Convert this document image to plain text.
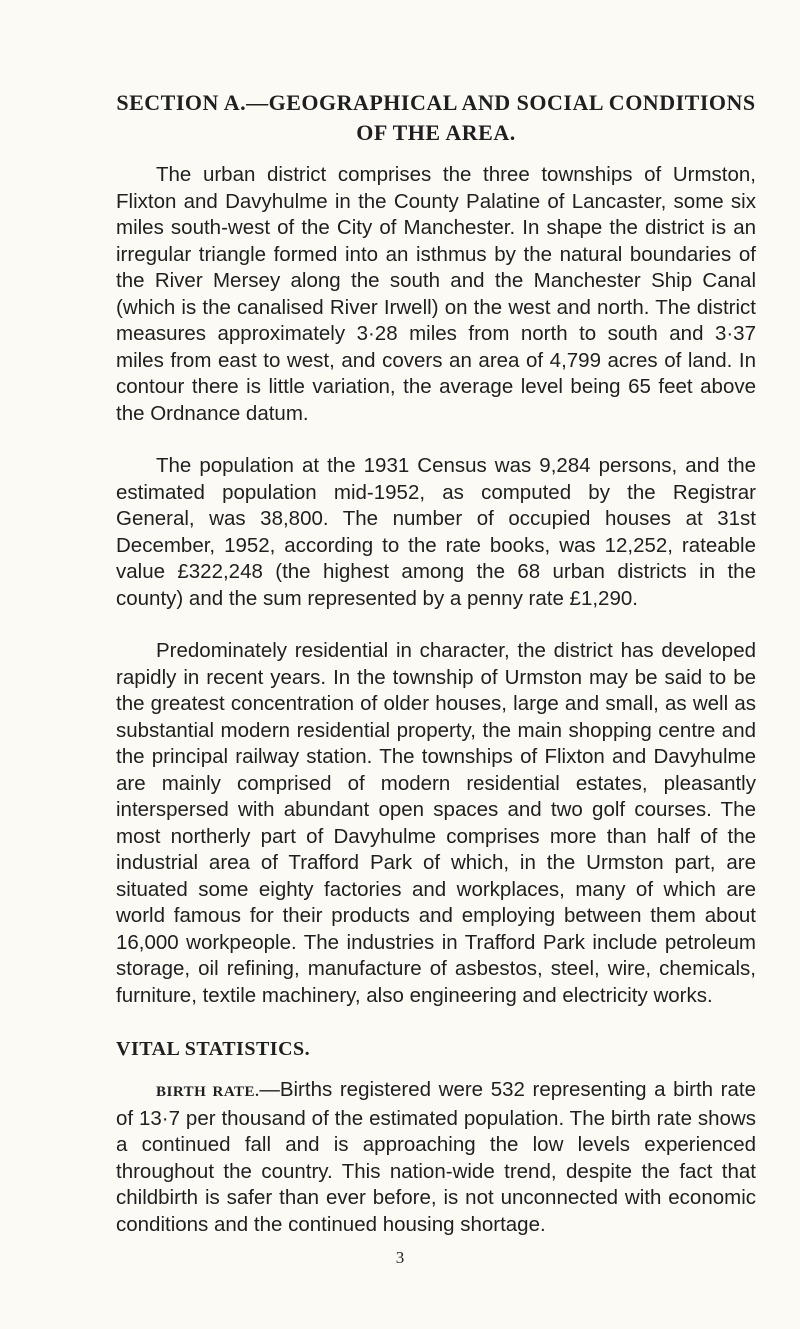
SECTION A.—GEOGRAPHICAL AND SOCIAL CONDITIONS OF THE AREA.

The urban district comprises the three townships of Urmston, Flixton and Davyhulme in the County Palatine of Lancaster, some six miles south-west of the City of Manchester. In shape the district is an irregular triangle formed into an isthmus by the natural boundaries of the River Mersey along the south and the Manchester Ship Canal (which is the canalised River Irwell) on the west and north. The district measures approximately 3·28 miles from north to south and 3·37 miles from east to west, and covers an area of 4,799 acres of land. In contour there is little variation, the average level being 65 feet above the Ordnance datum.

The population at the 1931 Census was 9,284 persons, and the estimated population mid-1952, as computed by the Registrar General, was 38,800. The number of occupied houses at 31st December, 1952, according to the rate books, was 12,252, rateable value £322,248 (the highest among the 68 urban districts in the county) and the sum represented by a penny rate £1,290.

Predominately residential in character, the district has developed rapidly in recent years. In the township of Urmston may be said to be the greatest concentration of older houses, large and small, as well as substantial modern residential property, the main shopping centre and the principal railway station. The townships of Flixton and Davyhulme are mainly comprised of modern residential estates, pleasantly interspersed with abundant open spaces and two golf courses. The most northerly part of Davyhulme comprises more than half of the industrial area of Trafford Park of which, in the Urmston part, are situated some eighty factories and workplaces, many of which are world famous for their products and employing between them about 16,000 workpeople. The industries in Trafford Park include petroleum storage, oil refining, manufacture of asbestos, steel, wire, chemicals, furniture, textile machinery, also engineering and electricity works.

VITAL STATISTICS.

BIRTH RATE.—Births registered were 532 representing a birth rate of 13·7 per thousand of the estimated population. The birth rate shows a continued fall and is approaching the low levels experienced throughout the country. This nation-wide trend, despite the fact that childbirth is safer than ever before, is not unconnected with economic conditions and the continued housing shortage.

3
